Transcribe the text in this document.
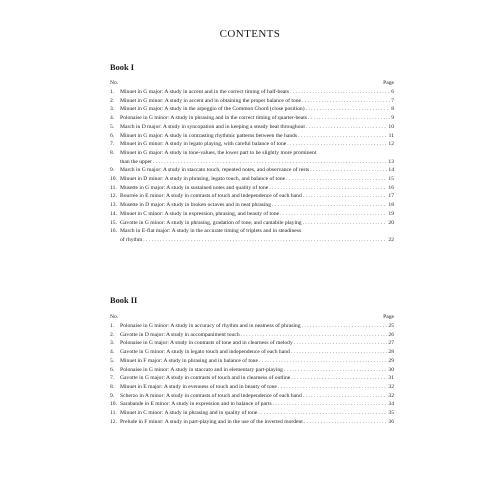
CONTENTS
Book I
No.	Page
1. Minuet in G major: A study in accent and in the correct timing of half-beats . . .	6
2. Minuet in G minor: A study in accent and in obtaining the proper balance of tone . . .	7
3. Minuet in G major: A study in the arpeggio of the Common Chord (close position) . . .	8
4. Polonaise in G minor: A study in phrasing and in the correct timing of quarter-beats . . .	9
5. March in D major: A study in syncopation and in keeping a steady beat throughout . . .	10
6. Minuet in G major: A study in contrasting rhythmic patterns between the hands . . .	11
7. Minuet in G minor: A study in legato playing, with careful balance of tone . . .	12
8. Minuet in G major: A study in tone-values, the lower part to be slightly more prominent
than the upper . . .	13
9. March in G major: A study in staccato touch, repeated notes, and observance of rests . . .	14
10. Minuet in D minor: A study in phrasing, legato touch, and balance of tone . . .	15
11. Musette in G major: A study in sustained notes and quality of tone . . .	16
12. Bourrée in E minor: A study in contrasts of touch and independence of each hand . . .	17
13. Musette in D major: A study in broken octaves and in neat phrasing . . .	18
14. Minuet in C minor: A study in expression, phrasing, and beauty of tone . . .	19
15. Gavotte in G minor: A study in phrasing, gradation of tone, and cantabile playing . . .	20
16. March in E-flat major: A study in the accurate timing of triplets and in steadiness
of rhythm . . .	22
Book II
No.	Page
1. Polonaise in G minor: A study in accuracy of rhythm and in neatness of phrasing . . .	25
2. Gavotte in D major: A study in accompaniment touch . . .	26
3. Polonaise in G major: A study in contrasts of tone and in clearness of melody . . .	27
4. Gavotte in G minor: A study in legato touch and independence of each hand . . .	28
5. Minuet in F major: A study in phrasing and in balance of tone . . .	29
6. Polonaise in G minor: A study in staccato and in elementary part-playing . . .	30
7. Gavotte in G major: A study in contrasts of touch and in clearness of outline . . .	31
8. Minuet in E major: A study in evenness of touch and in beauty of tone . . .	32
9. Scherzo in A minor: A study in contrasts of touch and independence of each hand . . .	32
10. Sarabande in E minor: A study in expression and in balance of parts . . .	34
11. Minuet in C minor: A study in phrasing and in quality of tone . . .	35
12. Prelude in F minor: A study in part-playing and in the use of the inverted mordent . . .	36
